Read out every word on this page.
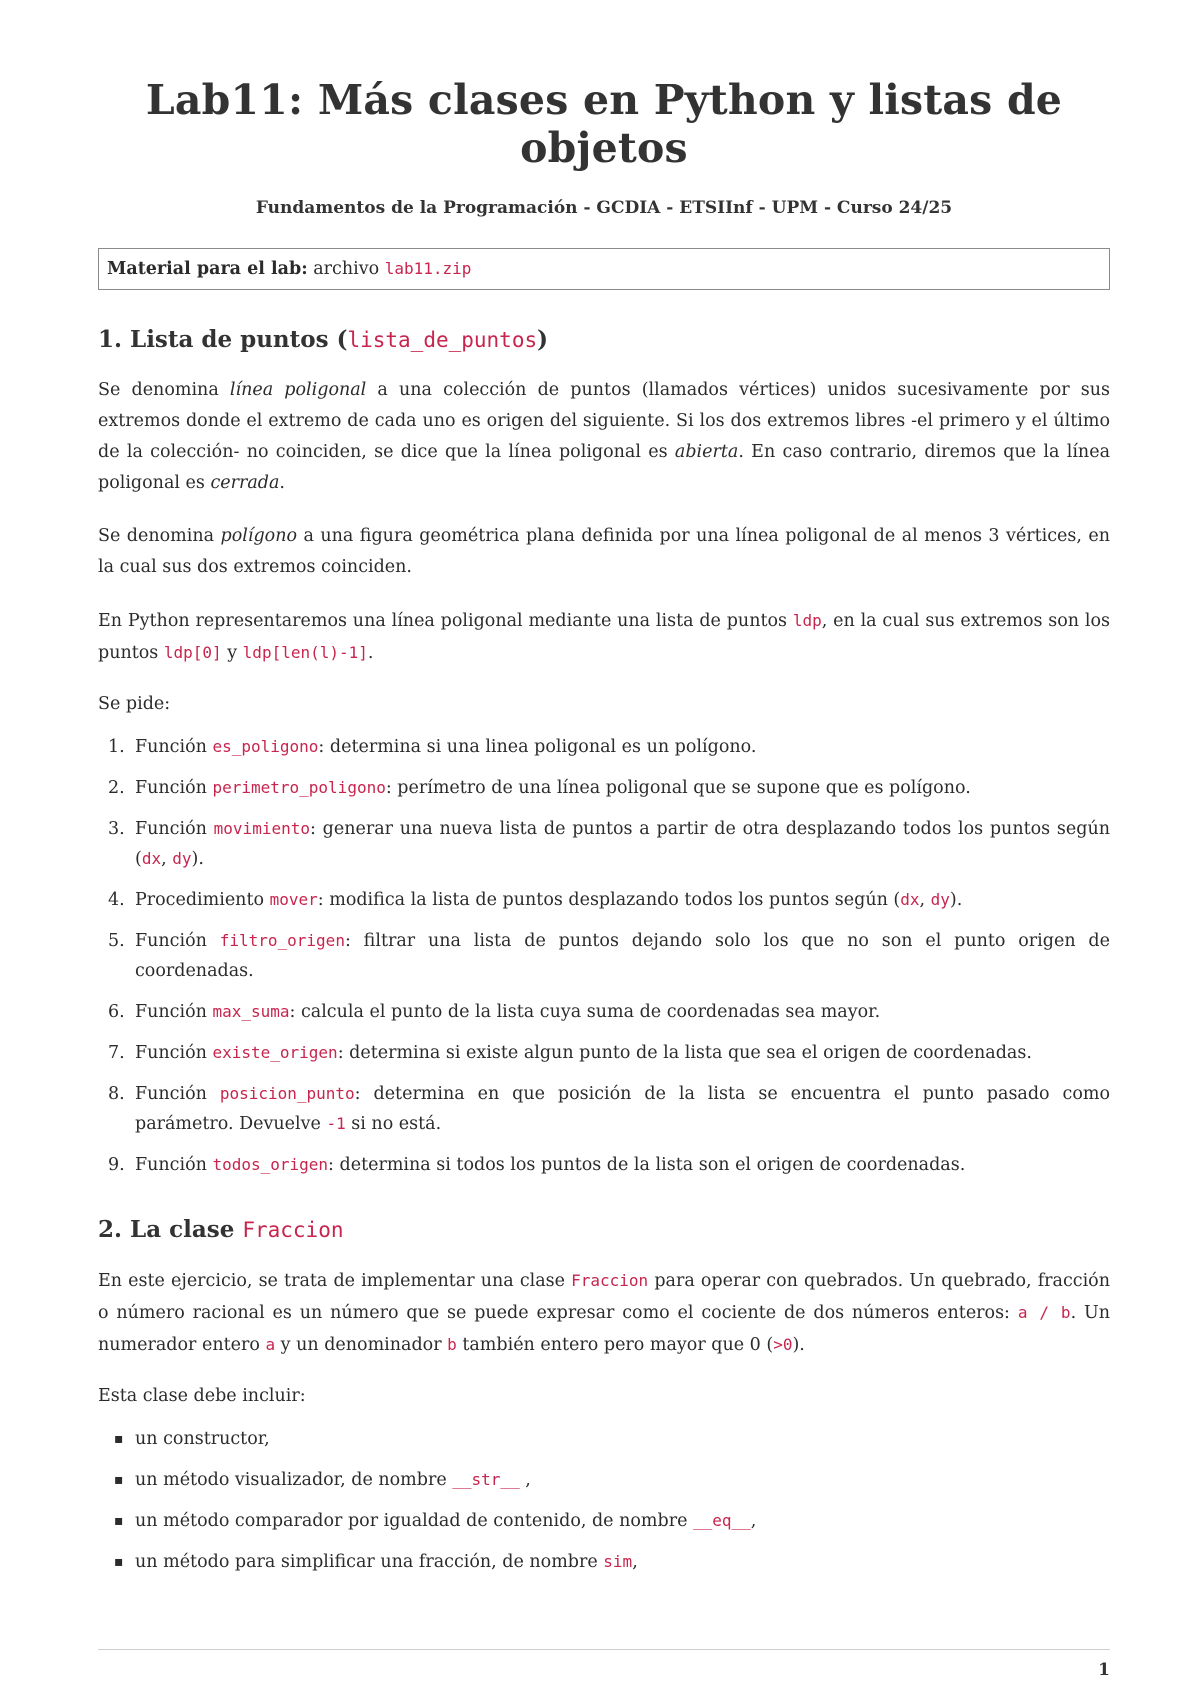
Lab11: Más clases en Python y listas de objetos
Fundamentos de la Programación - GCDIA - ETSIInf - UPM - Curso 24/25
Material para el lab: archivo lab11.zip
1. Lista de puntos (lista_de_puntos)

Se denomina línea poligonal a una colección de puntos (llamados vértices) unidos sucesivamente por sus extremos donde el extremo de cada uno es origen del siguiente. Si los dos extremos libres -el primero y el último de la colección- no coinciden, se dice que la línea poligonal es abierta. En caso contrario, diremos que la línea poligonal es cerrada.

Se denomina polígono a una figura geométrica plana definida por una línea poligonal de al menos 3 vértices, en la cual sus dos extremos coinciden.

En Python representaremos una línea poligonal mediante una lista de puntos ldp, en la cual sus extremos son los puntos ldp[0] y ldp[len(l)-1].

Se pide:

1. Función es_poligono: determina si una linea poligonal es un polígono.
2. Función perimetro_poligono: perímetro de una línea poligonal que se supone que es polígono.
3. Función movimiento: generar una nueva lista de puntos a partir de otra desplazando todos los puntos según (dx, dy).
4. Procedimiento mover: modifica la lista de puntos desplazando todos los puntos según (dx, dy).
5. Función filtro_origen: filtrar una lista de puntos dejando solo los que no son el punto origen de coordenadas.
6. Función max_suma: calcula el punto de la lista cuya suma de coordenadas sea mayor.
7. Función existe_origen: determina si existe algun punto de la lista que sea el origen de coordenadas.
8. Función posicion_punto: determina en que posición de la lista se encuentra el punto pasado como parámetro. Devuelve -1 si no está.
9. Función todos_origen: determina si todos los puntos de la lista son el origen de coordenadas.
2. La clase Fraccion

En este ejercicio, se trata de implementar una clase Fraccion para operar con quebrados. Un quebrado, fracción o número racional es un número que se puede expresar como el cociente de dos números enteros: a / b. Un numerador entero a y un denominador b también entero pero mayor que 0 (>0).

Esta clase debe incluir:

▪ un constructor,
▪ un método visualizador, de nombre __str__ ,
▪ un método comparador por igualdad de contenido, de nombre __eq__,
▪ un método para simplificar una fracción, de nombre sim,
1
